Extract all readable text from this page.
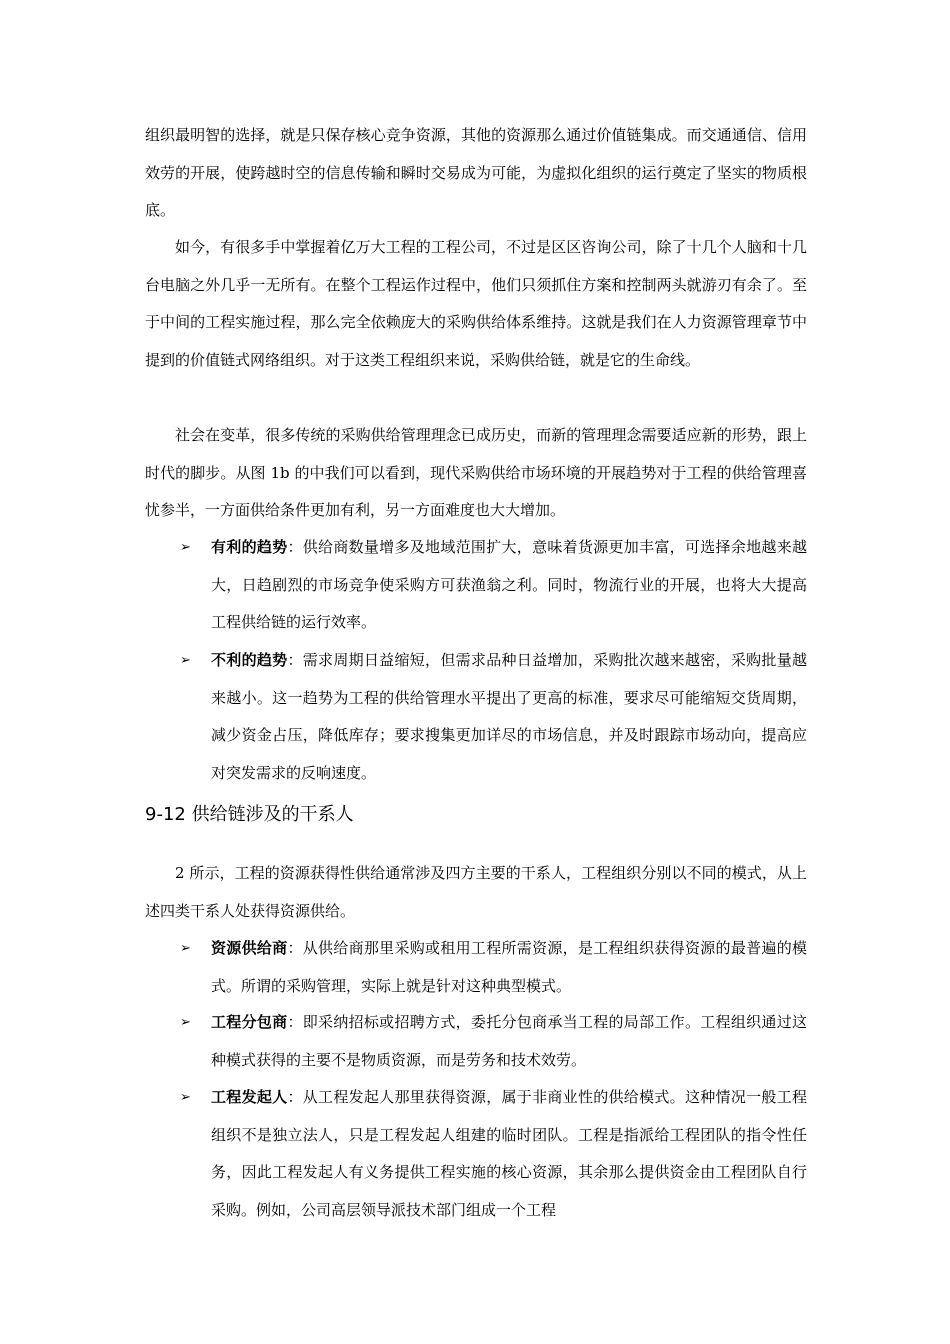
组织最明智的选择，就是只保存核心竞争资源，其他的资源那么通过价值链集成。而交通通信、信用效劳的开展，使跨越时空的信息传输和瞬时交易成为可能，为虚拟化组织的运行奠定了坚实的物质根底。

如今，有很多手中掌握着亿万大工程的工程公司，不过是区区咨询公司，除了十几个人脑和十几台电脑之外几乎一无所有。在整个工程运作过程中，他们只须抓住方案和控制两头就游刃有余了。至于中间的工程实施过程，那么完全依赖庞大的采购供给体系维持。这就是我们在人力资源管理章节中提到的价值链式网络组织。对于这类工程组织来说，采购供给链，就是它的生命线。

社会在变革，很多传统的采购供给管理理念已成历史，而新的管理理念需要适应新的形势，跟上时代的脚步。从图 1b 的中我们可以看到，现代采购供给市场环境的开展趋势对于工程的供给管理喜忧参半，一方面供给条件更加有利，另一方面难度也大大增加。

➢	有利的趋势：供给商数量增多及地域范围扩大，意味着货源更加丰富，可选择余地越来越大，日趋剧烈的市场竞争使采购方可获渔翁之利。同时，物流行业的开展，也将大大提高工程供给链的运行效率。
➢	不利的趋势：需求周期日益缩短，但需求品种日益增加，采购批次越来越密，采购批量越来越小。这一趋势为工程的供给管理水平提出了更高的标准，要求尽可能缩短交货周期，减少资金占压，降低库存；要求搜集更加详尽的市场信息，并及时跟踪市场动向，提高应对突发需求的反响速度。
9-12 供给链涉及的干系人

2 所示，工程的资源获得性供给通常涉及四方主要的干系人，工程组织分别以不同的模式，从上述四类干系人处获得资源供给。

➢	资源供给商：从供给商那里采购或租用工程所需资源，是工程组织获得资源的最普遍的模式。所谓的采购管理，实际上就是针对这种典型模式。
➢	工程分包商：即采纳招标或招聘方式，委托分包商承当工程的局部工作。工程组织通过这种模式获得的主要不是物质资源，而是劳务和技术效劳。
➢	工程发起人：从工程发起人那里获得资源，属于非商业性的供给模式。这种情况一般工程组织不是独立法人，只是工程发起人组建的临时团队。工程是指派给工程团队的指令性任务，因此工程发起人有义务提供工程实施的核心资源，其余那么提供资金由工程团队自行采购。例如，公司高层领导派技术部门组成一个工程
